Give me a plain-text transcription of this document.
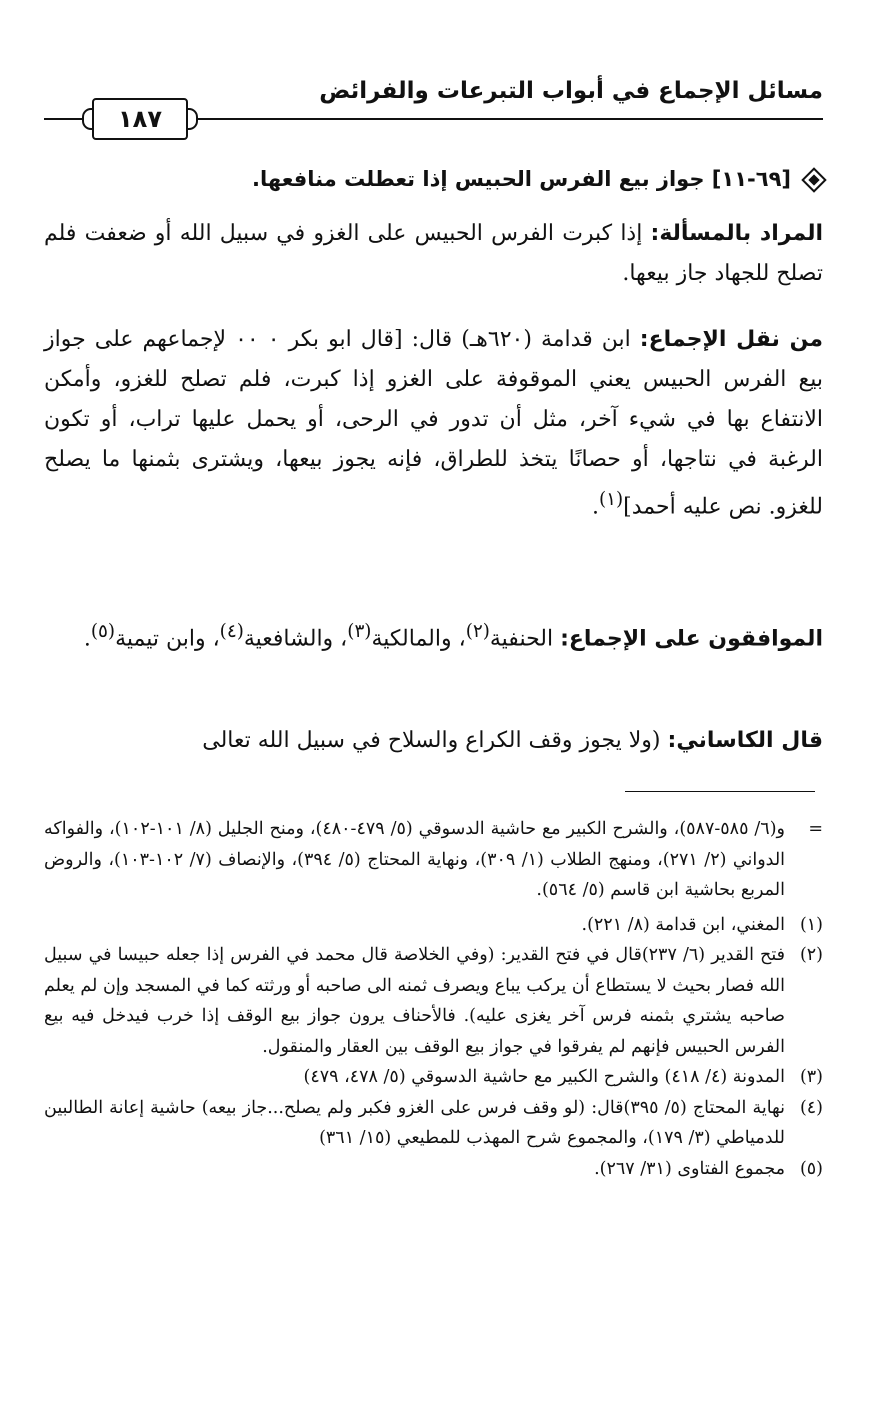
مسائل الإجماع في أبواب التبرعات والفرائض
١٨٧
[٦٩-١١] جواز بيع الفرس الحبيس إذا تعطلت منافعها.
المراد بالمسألة: إذا كبرت الفرس الحبيس على الغزو في سبيل الله أو ضعفت فلم تصلح للجهاد جاز بيعها.
من نقل الإجماع: ابن قدامة (٦٢٠هـ) قال: [قال ابو بكر ٠ ٠٠ لإجماعهم على جواز بيع الفرس الحبيس يعني الموقوفة على الغزو إذا كبرت، فلم تصلح للغزو، وأمكن الانتفاع بها في شيء آخر، مثل أن تدور في الرحى، أو يحمل عليها تراب، أو تكون الرغبة في نتاجها، أو حصانًا يتخذ للطراق، فإنه يجوز بيعها، ويشترى بثمنها ما يصلح للغزو. نص عليه أحمد]$^{(١)}$.
الموافقون على الإجماع: الحنفية$^{(٢)}$، والمالكية$^{(٣)}$، والشافعية$^{(٤)}$، وابن تيمية$^{(٥)}$.
قال الكاساني: (ولا يجوز وقف الكراع والسلاح في سبيل الله تعالى
=
و(٦/ ٥٨٥-٥٨٧)، والشرح الكبير مع حاشية الدسوقي (٥/ ٤٧٩-٤٨٠)، ومنح الجليل (٨/ ١٠١-١٠٢)، والفواكه الدواني (٢/ ٢٧١)، ومنهج الطلاب (١/ ٣٠٩)، ونهاية المحتاج (٥/ ٣٩٤)، والإنصاف (٧/ ١٠٢-١٠٣)، والروض المربع بحاشية ابن قاسم (٥/ ٥٦٤).
(١)
المغني، ابن قدامة (٨/ ٢٢١).
(٢)
فتح القدير (٦/ ٢٣٧)قال في فتح القدير: (وفي الخلاصة قال محمد في الفرس إذا جعله حبيسا في سبيل الله فصار بحيث لا يستطاع أن يركب يباع ويصرف ثمنه الى صاحبه أو ورثته كما في المسجد وإن لم يعلم صاحبه يشتري بثمنه فرس آخر يغزى عليه). فالأحناف يرون جواز بيع الوقف إذا خرب فيدخل فيه بيع الفرس الحبيس فإنهم لم يفرقوا في جواز بيع الوقف بين العقار والمنقول.
(٣)
المدونة (٤/ ٤١٨) والشرح الكبير مع حاشية الدسوقي (٥/ ٤٧٨، ٤٧٩)
(٤)
نهاية المحتاج (٥/ ٣٩٥)قال: (لو وقف فرس على الغزو فكبر ولم يصلح...جاز بيعه) حاشية إعانة الطالبين للدمياطي (٣/ ١٧٩)، والمجموع شرح المهذب للمطيعي (١٥/ ٣٦١)
(٥)
مجموع الفتاوى (٣١/ ٢٦٧).
